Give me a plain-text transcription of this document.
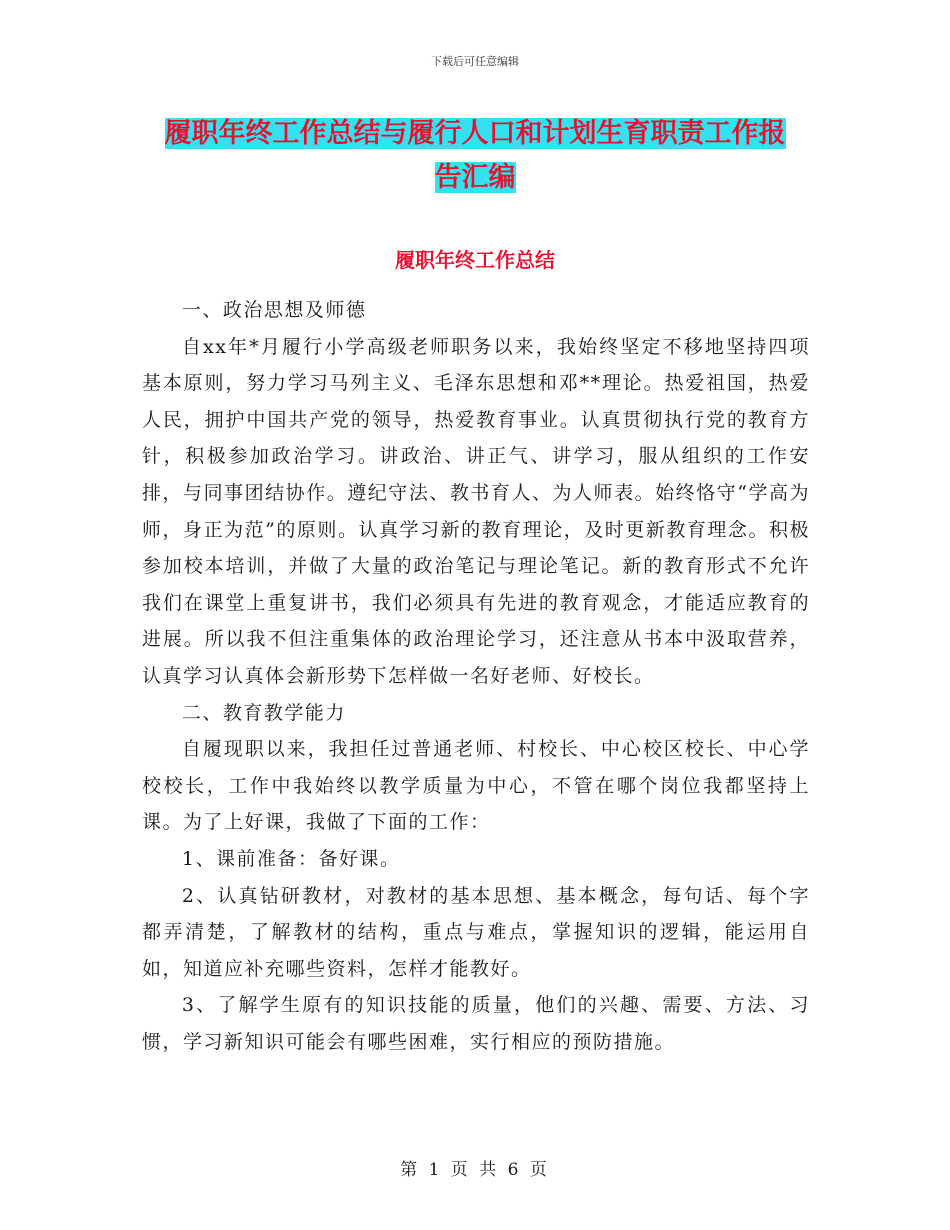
下载后可任意编辑
履职年终工作总结与履行人口和计划生育职责工作报
告汇编
履职年终工作总结

一、政治思想及师德

自xx年*月履行小学高级老师职务以来，我始终坚定不移地坚持四项基本原则，努力学习马列主义、毛泽东思想和邓**理论。热爱祖国，热爱人民，拥护中国共产党的领导，热爱教育事业。认真贯彻执行党的教育方针，积极参加政治学习。讲政治、讲正气、讲学习，服从组织的工作安排，与同事团结协作。遵纪守法、教书育人、为人师表。始终恪守“学高为师，身正为范”的原则。认真学习新的教育理论，及时更新教育理念。积极参加校本培训，并做了大量的政治笔记与理论笔记。新的教育形式不允许我们在课堂上重复讲书，我们必须具有先进的教育观念，才能适应教育的进展。所以我不但注重集体的政治理论学习，还注意从书本中汲取营养，认真学习认真体会新形势下怎样做一名好老师、好校长。

二、教育教学能力

自履现职以来，我担任过普通老师、村校长、中心校区校长、中心学校校长，工作中我始终以教学质量为中心，不管在哪个岗位我都坚持上课。为了上好课，我做了下面的工作：

1、课前准备：备好课。

2、认真钻研教材，对教材的基本思想、基本概念，每句话、每个字都弄清楚，了解教材的结构，重点与难点，掌握知识的逻辑，能运用自如，知道应补充哪些资料，怎样才能教好。

3、了解学生原有的知识技能的质量，他们的兴趣、需要、方法、习惯，学习新知识可能会有哪些困难，实行相应的预防措施。

第 1 页 共 6 页
